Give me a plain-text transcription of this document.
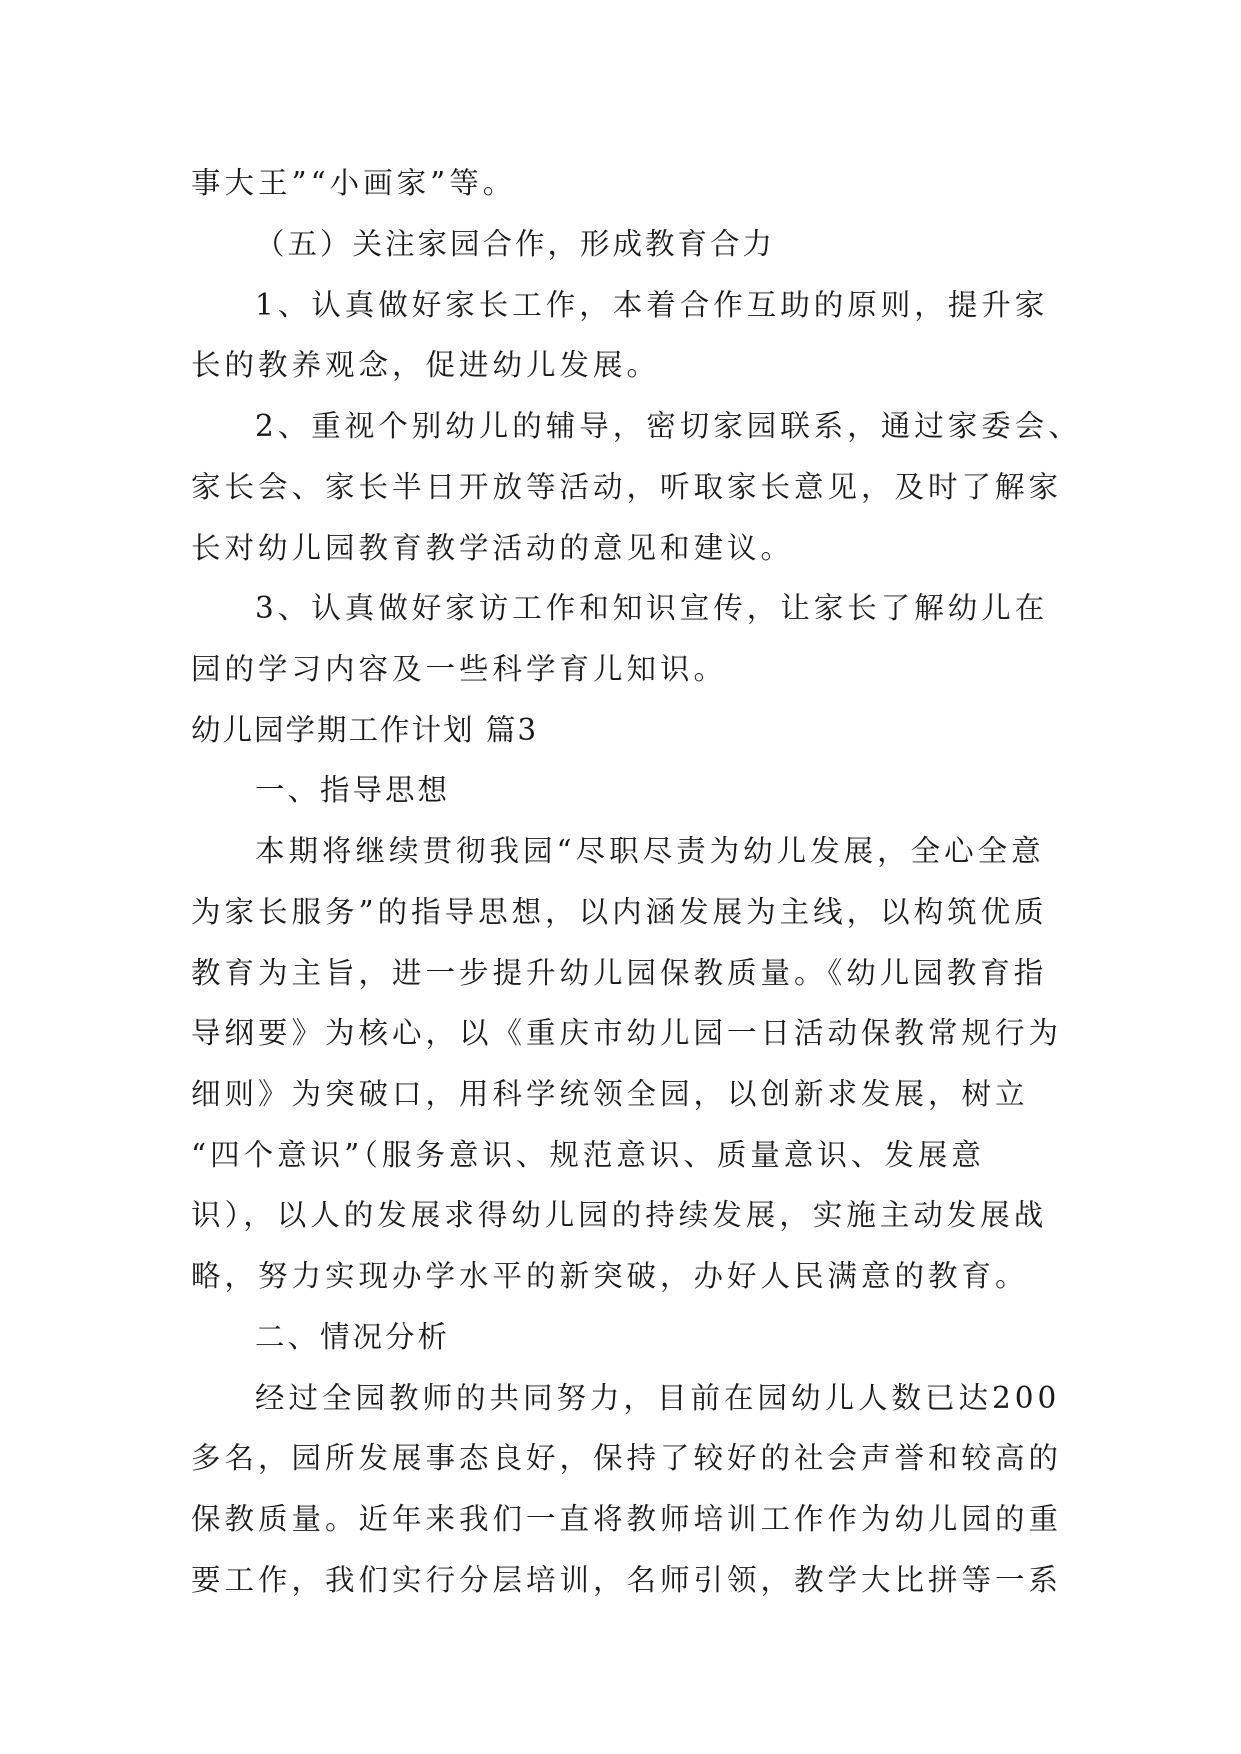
事大王”“小画家”等。

（五）关注家园合作，形成教育合力

1、认真做好家长工作，本着合作互助的原则，提升家

长的教养观念，促进幼儿发展。

2、重视个别幼儿的辅导，密切家园联系，通过家委会、

家长会、家长半日开放等活动，听取家长意见，及时了解家

长对幼儿园教育教学活动的意见和建议。

3、认真做好家访工作和知识宣传，让家长了解幼儿在

园的学习内容及一些科学育儿知识。

幼儿园学期工作计划 篇3

一、指导思想

本期将继续贯彻我园“尽职尽责为幼儿发展，全心全意

为家长服务”的指导思想，以内涵发展为主线，以构筑优质

教育为主旨，进一步提升幼儿园保教质量。《幼儿园教育指

导纲要》为核心，以《重庆市幼儿园一日活动保教常规行为

细则》为突破口，用科学统领全园，以创新求发展，树立

“四个意识”（服务意识、规范意识、质量意识、发展意

识），以人的发展求得幼儿园的持续发展，实施主动发展战

略，努力实现办学水平的新突破，办好人民满意的教育。

二、情况分析

经过全园教师的共同努力，目前在园幼儿人数已达200

多名，园所发展事态良好，保持了较好的社会声誉和较高的

保教质量。近年来我们一直将教师培训工作作为幼儿园的重

要工作，我们实行分层培训，名师引领，教学大比拼等一系
